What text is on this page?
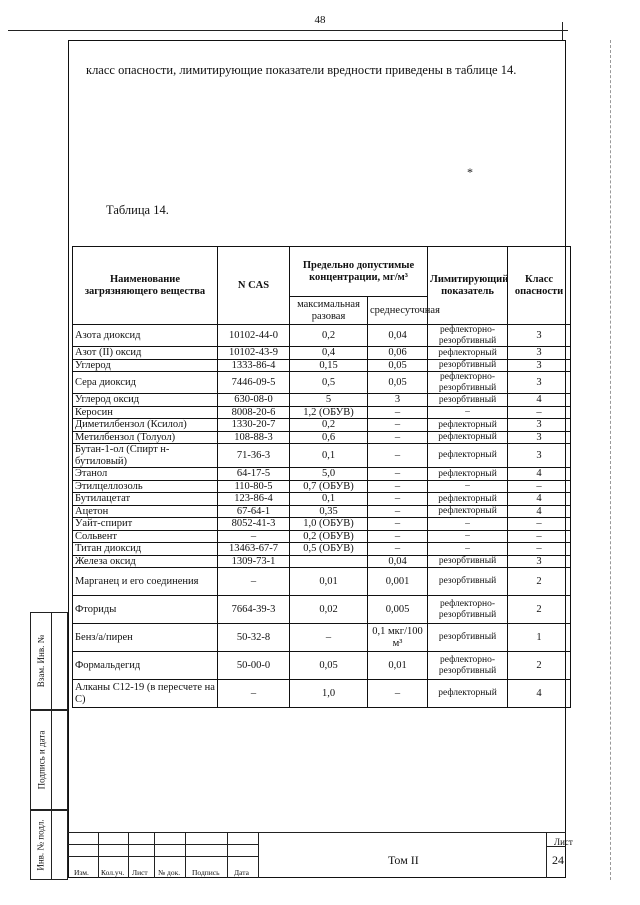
48
класс опасности, лимитирующие показатели вредности приведены в таблице 14.
*
Таблица 14.
Наименование загрязняющего вещества	N CAS	Предельно допустимые концентрации, мг/м³		Лимитирующий показатель	Класс опасности
		максимальная разовая	среднесуточная		
Азота диоксид	10102-44-0	0,2	0,04	рефлекторно-резорбтивный	3
Азот (II) оксид	10102-43-9	0,4	0,06	рефлекторный	3
Углерод	1333-86-4	0,15	0,05	резорбтивный	3
Сера диоксид	7446-09-5	0,5	0,05	рефлекторно-резорбтивный	3
Углерод оксид	630-08-0	5	3	резорбтивный	4
Керосин	8008-20-6	1,2 (ОБУВ)	–	–	–
Диметилбензол (Ксилол)	1330-20-7	0,2	–	рефлекторный	3
Метилбензол (Толуол)	108-88-3	0,6	–	рефлекторный	3
Бутан-1-ол (Спирт н-бутиловый)	71-36-3	0,1	–	рефлекторный	3
Этанол	64-17-5	5,0	–	рефлекторный	4
Этилцеллозоль	110-80-5	0,7 (ОБУВ)	–	–	–
Бутилацетат	123-86-4	0,1	–	рефлекторный	4
Ацетон	67-64-1	0,35	–	рефлекторный	4
Уайт-спирит	8052-41-3	1,0 (ОБУВ)	–	–	–
Сольвент	–	0,2 (ОБУВ)	–	–	–
Титан диоксид	13463-67-7	0,5 (ОБУВ)	–	–	–
Железа оксид	1309-73-1		0,04	резорбтивный	3
Марганец и его соединения	–	0,01	0,001	резорбтивный	2
Фториды	7664-39-3	0,02	0,005	рефлекторно-резорбтивный	2
Бенз/а/пирен	50-32-8	–	0,1 мкг/100 м³	резорбтивный	1
Формальдегид	50-00-0	0,05	0,01	рефлекторно-резорбтивный	2
Алканы C12-19 (в пересчете на С)	–	1,0	–	рефлекторный	4
Взам. Инв. №
Подпись и дата
Инв. № подл.
Изм. Кол.уч. Лист № док. Подпись Дата
Том II
Лист
24
